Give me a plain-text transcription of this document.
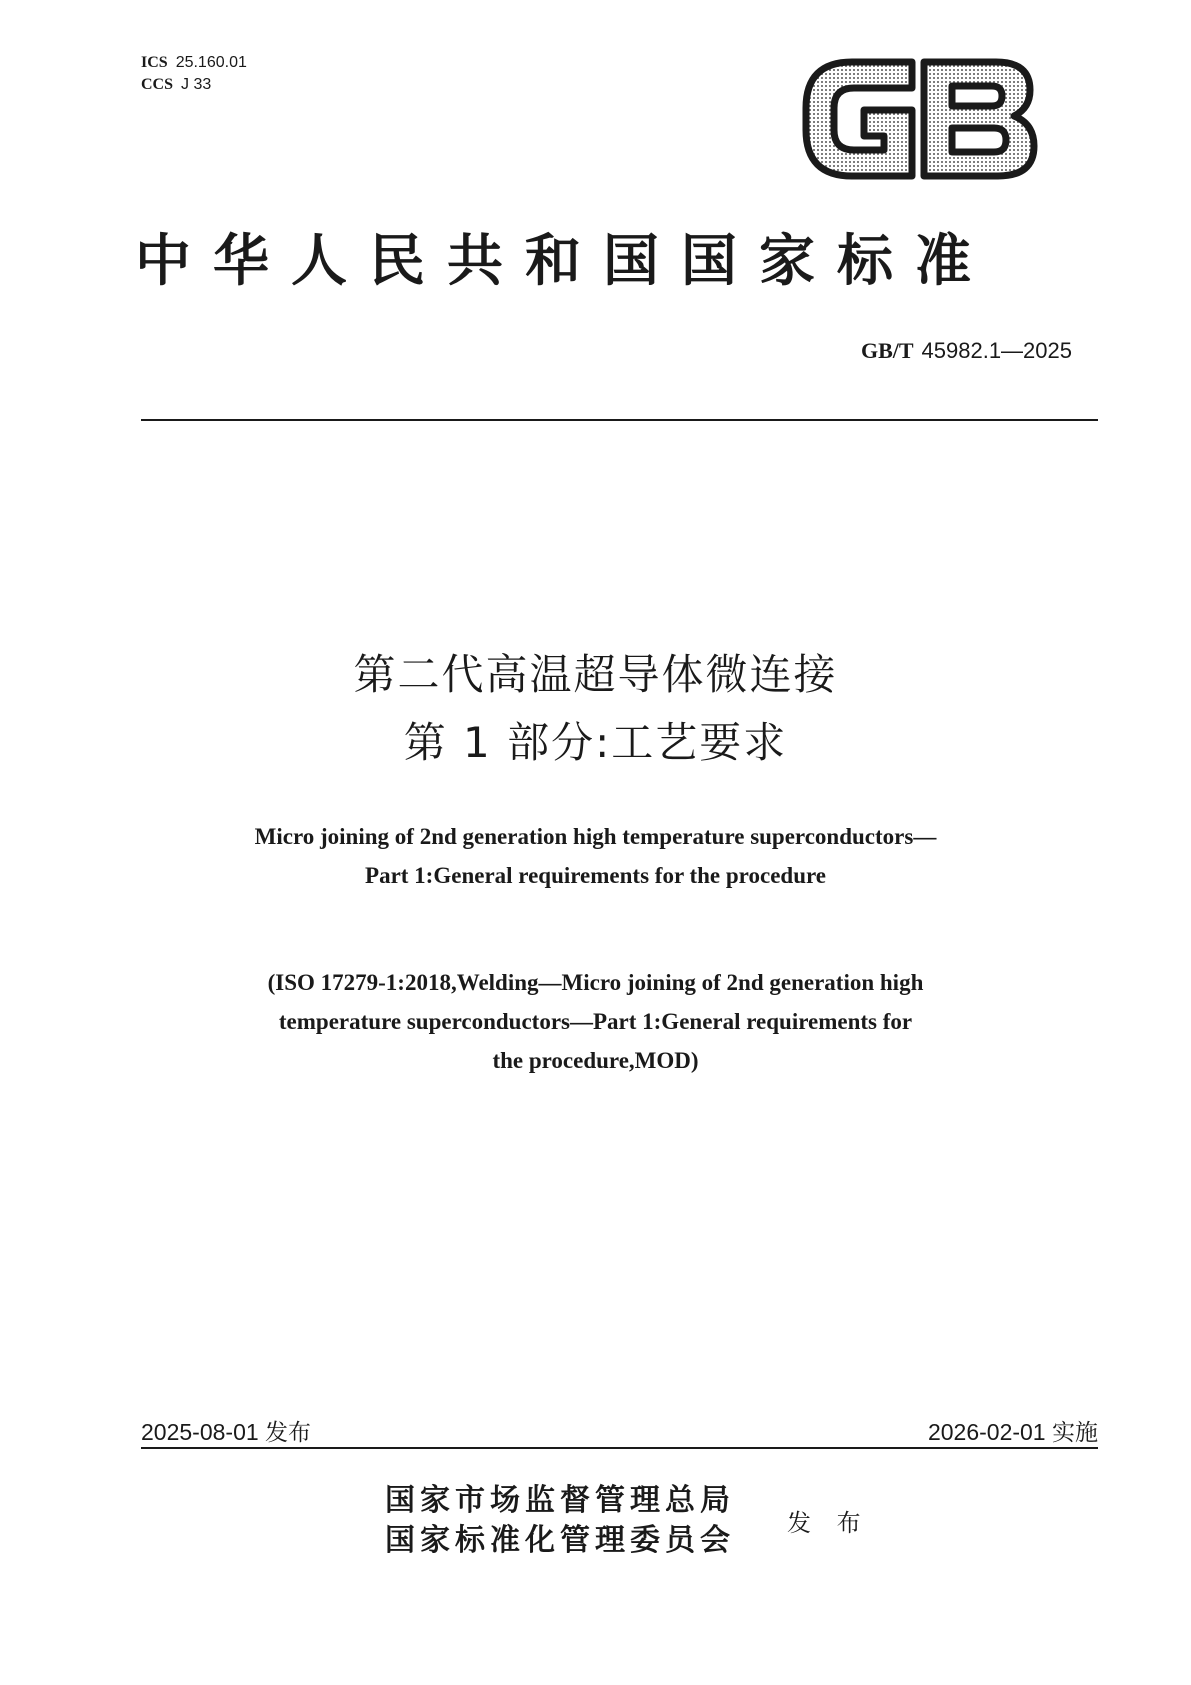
ICS 25.160.01
CCS J 33
中华人民共和国国家标准
GB/T 45982.1—2025
第二代高温超导体微连接
第 1 部分:工艺要求
Micro joining of 2nd generation high temperature superconductors—
Part 1:General requirements for the procedure
(ISO 17279-1:2018,Welding—Micro joining of 2nd generation high
temperature superconductors—Part 1:General requirements for
the procedure,MOD)
2025-08-01 发布	2026-02-01 实施
国家市场监督管理总局
国家标准化管理委员会 发 布
